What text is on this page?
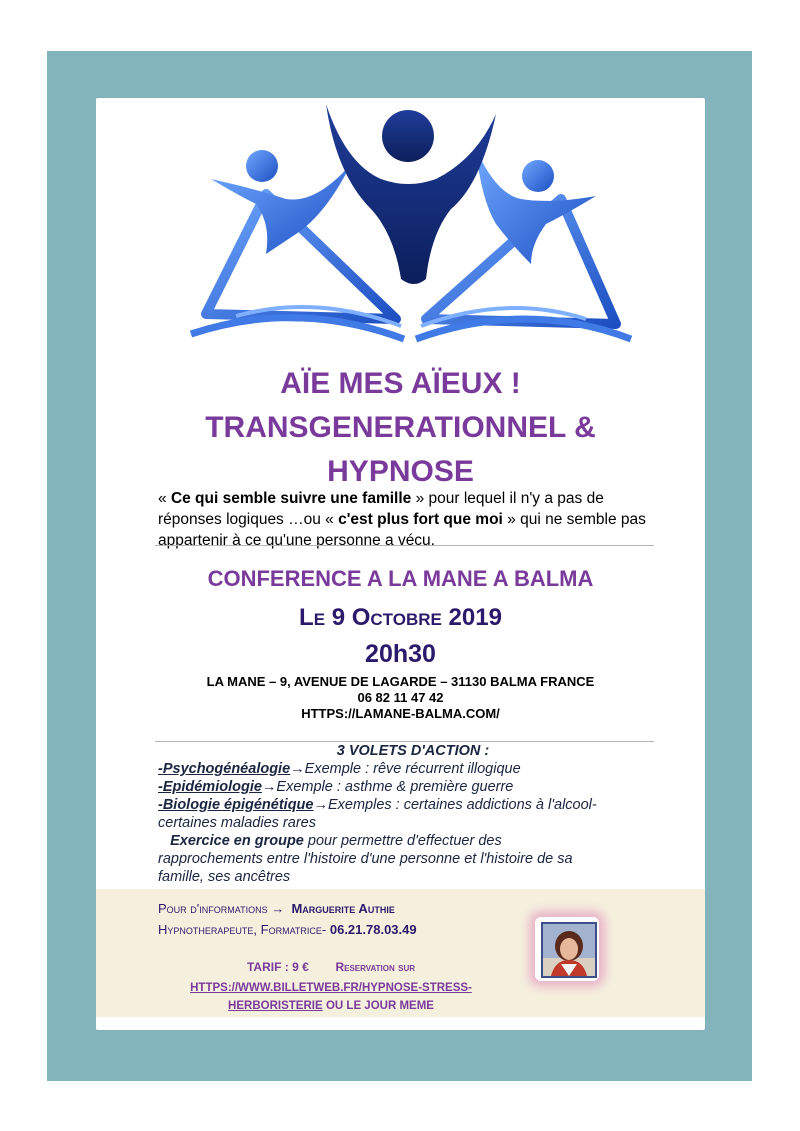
AÏE MES AÏEUX !
TRANSGENERATIONNEL &
HYPNOSE

« Ce qui semble suivre une famille » pour lequel il n'y a pas de réponses logiques …ou « c'est plus fort que moi » qui ne semble pas appartenir à ce qu'une personne a vécu.

CONFERENCE A LA MANE A BALMA

Le 9 Octobre 2019

20h30

LA MANE – 9, AVENUE DE LAGARDE – 31130 BALMA FRANCE

06 82 11 47 42

HTTPS://LAMANE-BALMA.COM/

3 VOLETS D'ACTION :
-Psychogénéalogie→Exemple : rêve récurrent illogique
-Epidémiologie→Exemple : asthme & première guerre
-Biologie épigénétique→Exemples : certaines addictions à l'alcool-
certaines maladies rares
Exercice en groupe pour permettre d'effectuer des
rapprochements entre l'histoire d'une personne et l'histoire de sa
famille, ses ancêtres

Pour d'informations → Marguerite Authie

Hypnotherapeute, Formatrice- 06.21.78.03.49

TARIF : 9 € Reservation sur

HTTPS://WWW.BILLETWEB.FR/HYPNOSE-STRESS-

HERBORISTERIE OU LE JOUR MEME
